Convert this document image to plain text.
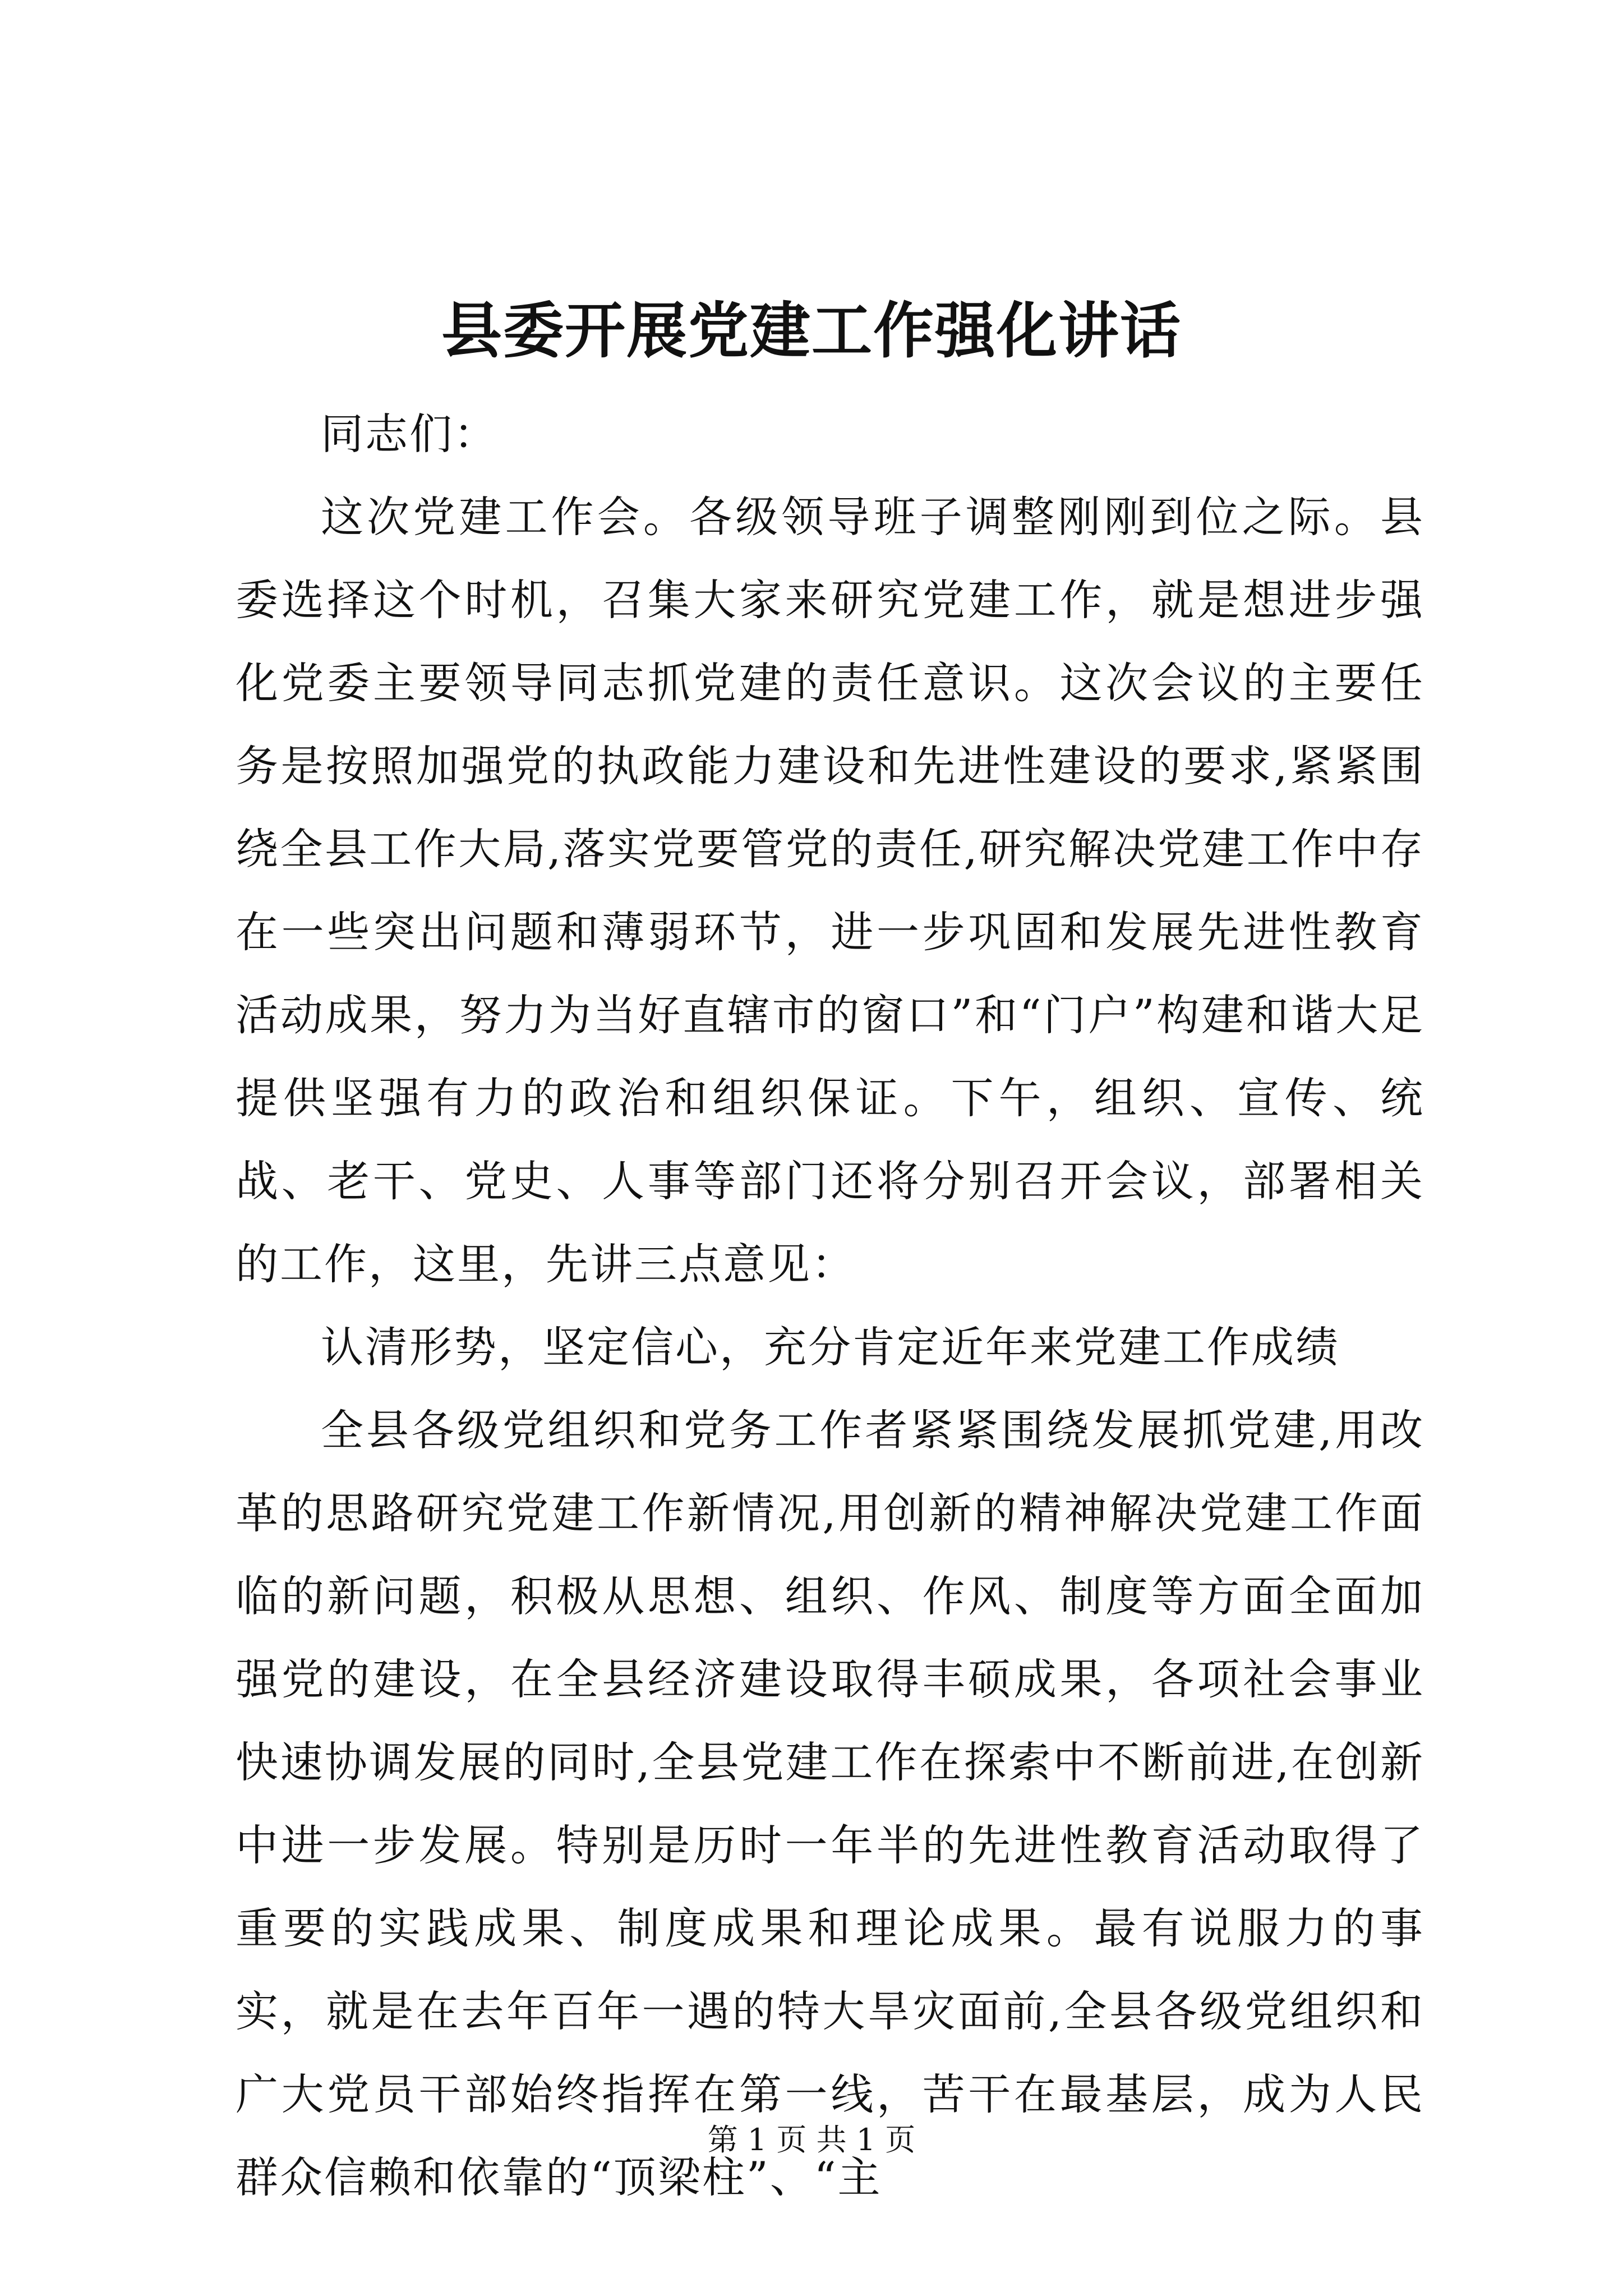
县委开展党建工作强化讲话

同志们：

这次党建工作会。各级领导班子调整刚刚到位之际。县委选择这个时机，召集大家来研究党建工作，就是想进步强化党委主要领导同志抓党建的责任意识。这次会议的主要任务是按照加强党的执政能力建设和先进性建设的要求,紧紧围绕全县工作大局,落实党要管党的责任,研究解决党建工作中存在一些突出问题和薄弱环节，进一步巩固和发展先进性教育活动成果，努力为当好直辖市的窗口”和“门户”构建和谐大足提供坚强有力的政治和组织保证。下午，组织、宣传、统战、老干、党史、人事等部门还将分别召开会议，部署相关的工作，这里，先讲三点意见：

认清形势，坚定信心，充分肯定近年来党建工作成绩

全县各级党组织和党务工作者紧紧围绕发展抓党建,用改革的思路研究党建工作新情况,用创新的精神解决党建工作面临的新问题，积极从思想、组织、作风、制度等方面全面加强党的建设，在全县经济建设取得丰硕成果，各项社会事业快速协调发展的同时,全县党建工作在探索中不断前进,在创新中进一步发展。特别是历时一年半的先进性教育活动取得了重要的实践成果、制度成果和理论成果。最有说服力的事实，就是在去年百年一遇的特大旱灾面前,全县各级党组织和广大党员干部始终指挥在第一线，苦干在最基层，成为人民群众信赖和依靠的“顶梁柱”、“主

第 1 页 共 1 页
